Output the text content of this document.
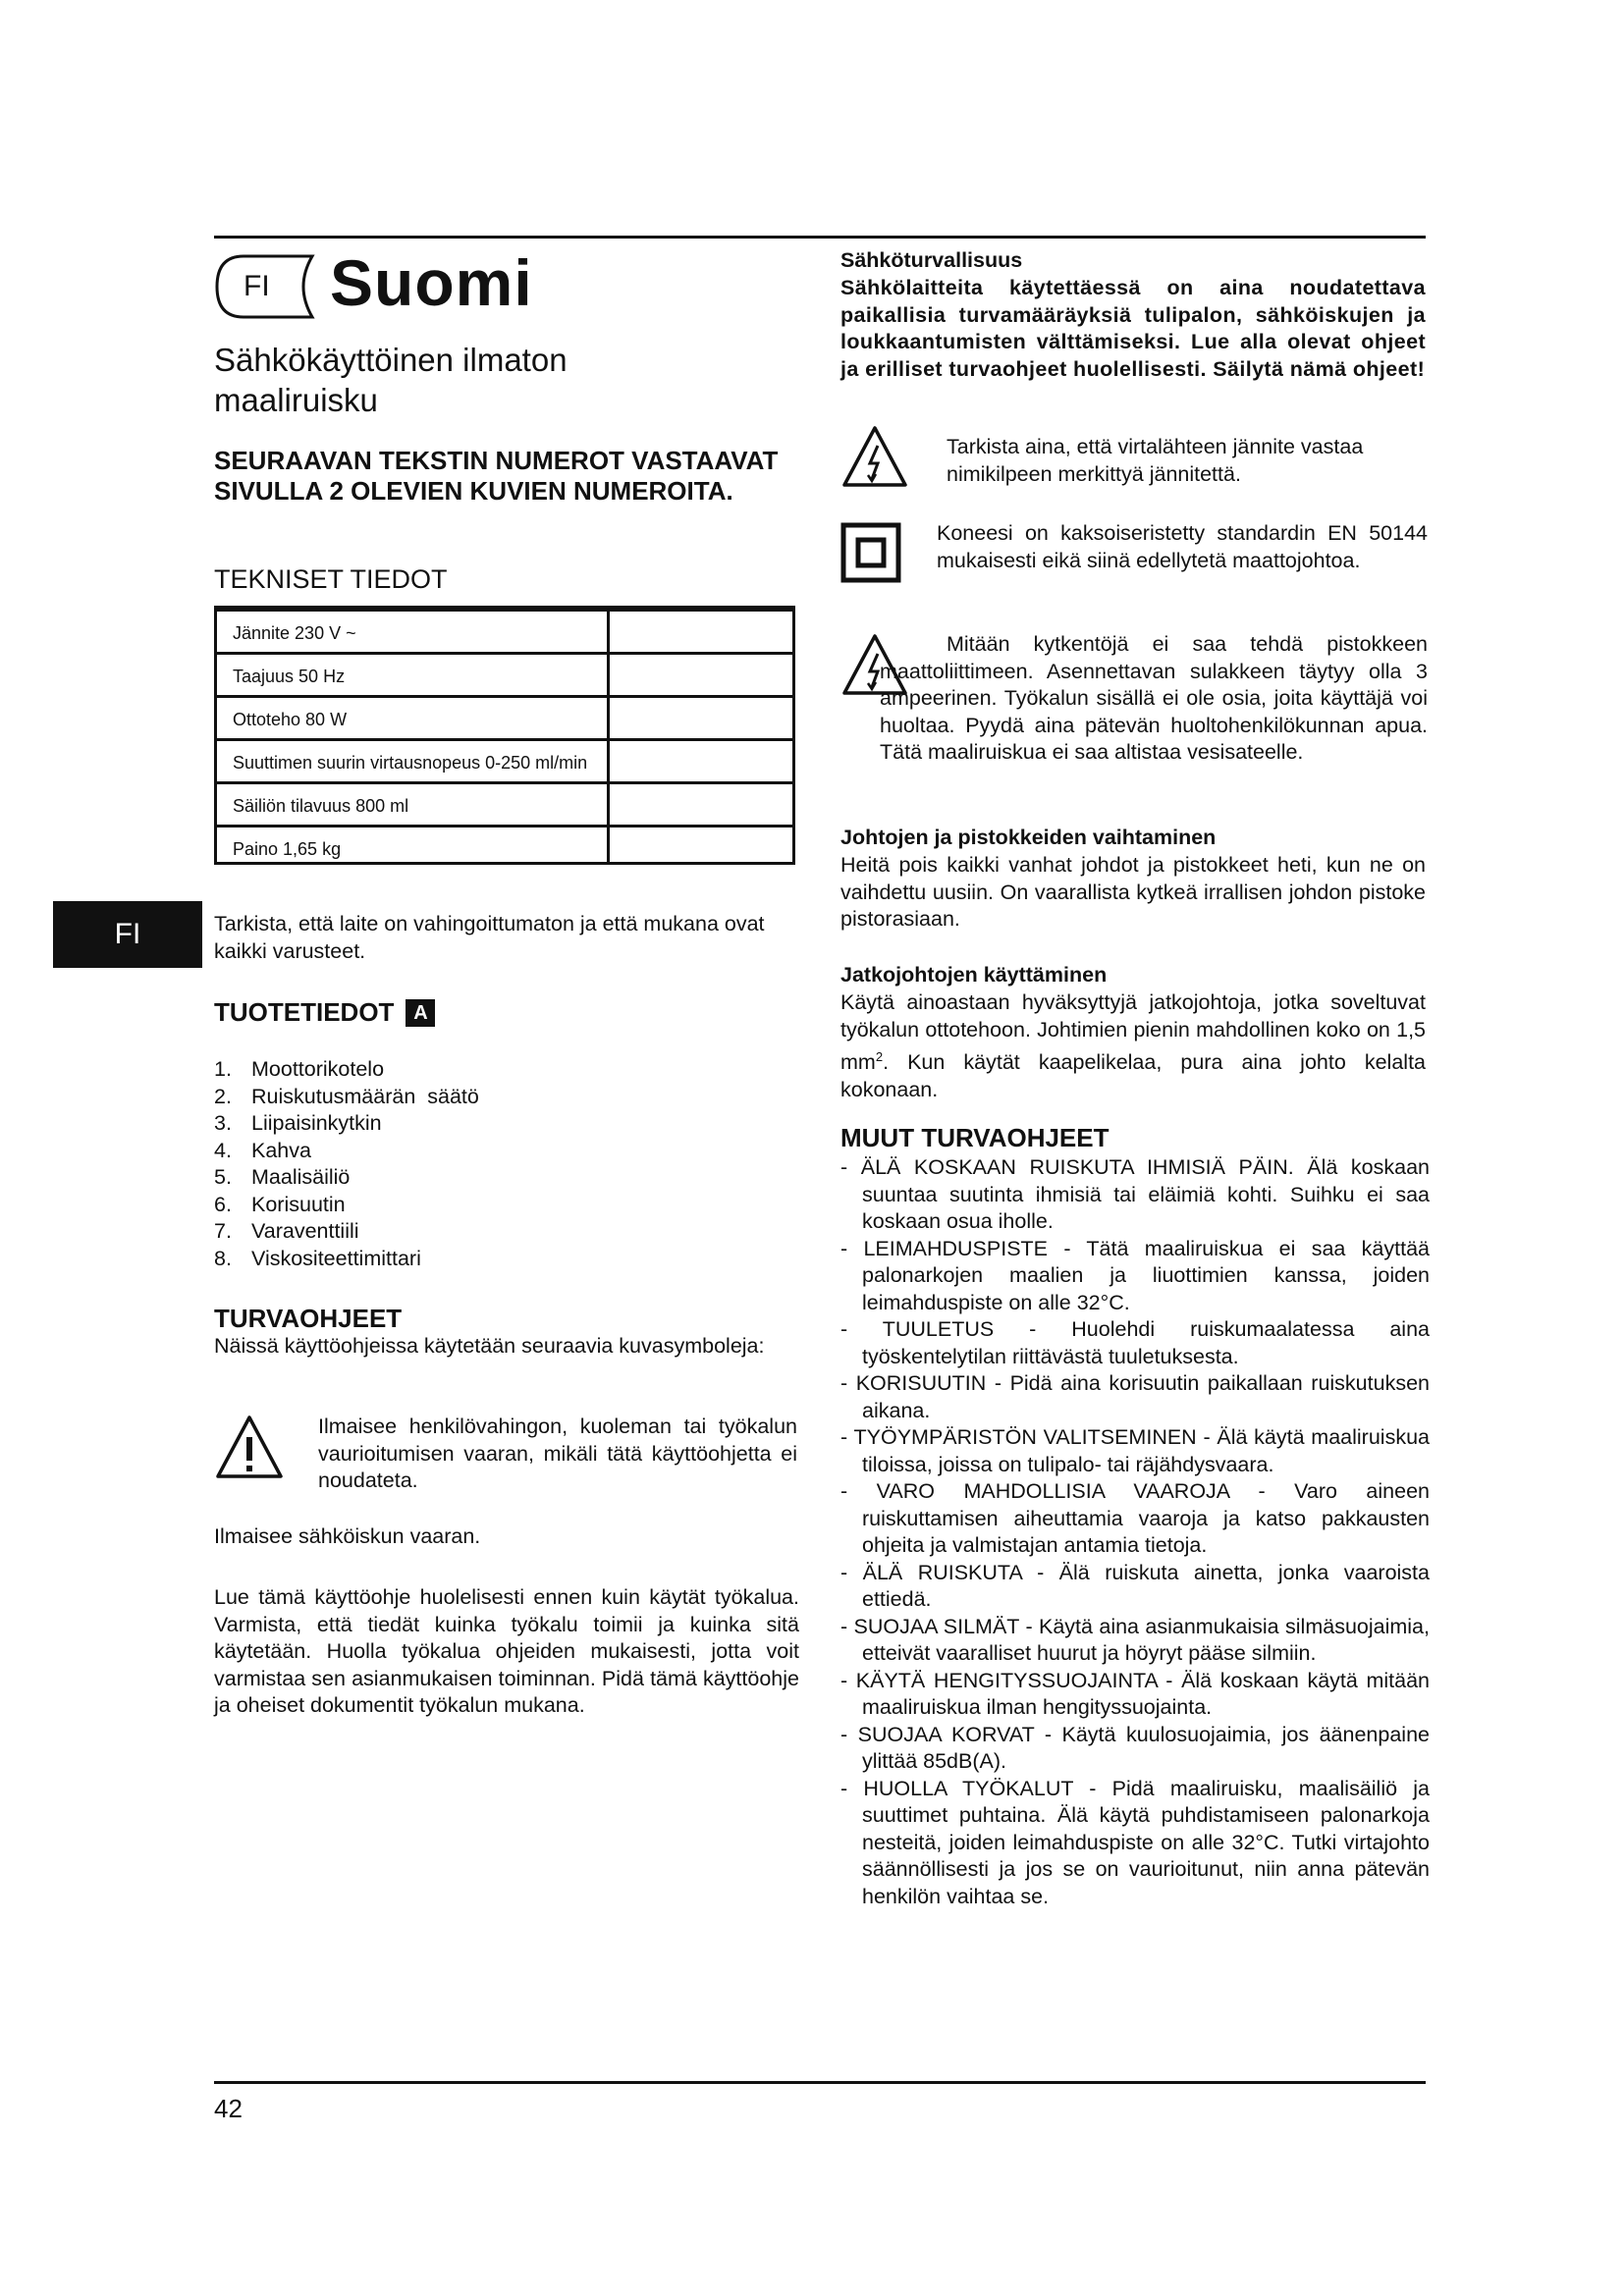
FI Suomi
Sähkökäyttöinen ilmaton maaliruisku
SEURAAVAN TEKSTIN NUMEROT VASTAAVAT SIVULLA 2 OLEVIEN KUVIEN NUMEROITA.
TEKNISET TIEDOT
Jännite 230 V ~
Taajuus 50 Hz
Ottoteho 80 W
Suuttimen suurin virtausnopeus 0-250 ml/min
Säiliön tilavuus 800 ml
Paino 1,65 kg
FI	Tarkista, että laite on vahingoittumaton ja että mukana ovat kaikki varusteet.
TUOTETIEDOT A
1. Moottorikotelo
2. Ruiskutusmäärän  säätö
3. Liipaisinkytkin
4. Kahva
5. Maalisäiliö
6. Korisuutin
7. Varaventtiili
8. Viskositeettimittari
TURVAOHJEET
Näissä käyttöohjeissa käytetään seuraavia kuvasymboleja:
Ilmaisee henkilövahingon, kuoleman tai työkalun vaurioitumisen vaaran, mikäli tätä käyttöohjetta ei noudateta.
Ilmaisee sähköiskun vaaran.
Lue tämä käyttöohje huolelisesti ennen kuin käytät työkalua. Varmista, että tiedät kuinka työkalu toimii ja kuinka sitä käytetään. Huolla työkalua ohjeiden mukaisesti, jotta voit varmistaa sen asianmukaisen toiminnan. Pidä tämä käyttöohje ja oheiset dokumentit työkalun mukana.
Sähköturvallisuus
Sähkölaitteita käytettäessä on aina noudatettava paikallisia turvamääräyksiä tulipalon, sähköiskujen ja loukkaantumisten välttämiseksi. Lue alla olevat ohjeet ja erilliset turvaohjeet huolellisesti. Säilytä nämä ohjeet!
Tarkista aina, että virtalähteen jännite vastaa nimikilpeen merkittyä jännitettä.
Koneesi on kaksoiseristetty standardin EN 50144 mukaisesti eikä siinä edellytetä maattojohtoa.
Mitään kytkentöjä ei saa tehdä pistokkeen maattoliittimeen. Asennettavan sulakkeen täytyy olla 3 ampeerinen. Työkalun sisällä ei ole osia, joita käyttäjä voi huoltaa. Pyydä aina pätevän huoltohenkilökunnan apua. Tätä maaliruiskua ei saa altistaa vesisateelle.
Johtojen ja pistokkeiden vaihtaminen
Heitä pois kaikki vanhat johdot ja pistokkeet heti, kun ne on vaihdettu uusiin. On vaarallista kytkeä irrallisen johdon pistoke pistorasiaan.
Jatkojohtojen käyttäminen
Käytä ainoastaan hyväksyttyjä jatkojohtoja, jotka soveltuvat työkalun ottotehoon. Johtimien pienin mahdollinen koko on 1,5 $mm^2$. Kun käytät kaapelikelaa, pura aina johto kelalta kokonaan.
MUUT TURVAOHJEET
- ÄLÄ KOSKAAN RUISKUTA IHMISIÄ PÄIN. Älä koskaan suuntaa suutinta ihmisiä tai eläimiä kohti. Suihku ei saa koskaan osua iholle.
- LEIMAHDUSPISTE - Tätä maaliruiskua ei saa käyttää palonarkojen maalien ja liuottimien kanssa, joiden leimahduspiste on alle 32°C.
- TUULETUS - Huolehdi ruiskumaalatessa aina työskentelytilan riittävästä tuuletuksesta.
- KORISUUTIN - Pidä aina korisuutin paikallaan ruiskutuksen aikana.
- TYÖYMPÄRISTÖN VALITSEMINEN - Älä käytä maaliruiskua tiloissa, joissa on tulipalo- tai räjähdysvaara.
- VARO MAHDOLLISIA VAAROJA - Varo aineen ruiskuttamisen aiheuttamia vaaroja ja katso pakkausten ohjeita ja valmistajan antamia tietoja.
- ÄLÄ RUISKUTA - Älä ruiskuta ainetta, jonka vaaroista ettiedä.
- SUOJAA SILMÄT - Käytä aina asianmukaisia silmäsuojaimia, etteivät vaaralliset huurut ja höyryt pääse silmiin.
- KÄYTÄ HENGITYSSUOJAINTA - Älä koskaan käytä mitään maaliruiskua ilman hengityssuojainta.
- SUOJAA KORVAT - Käytä kuulosuojaimia, jos äänenpaine ylittää 85dB(A).
- HUOLLA TYÖKALUT - Pidä maaliruisku, maalisäiliö ja suuttimet puhtaina. Älä käytä puhdistamiseen palonarkoja nesteitä, joiden leimahduspiste on alle 32°C. Tutki virtajohto säännöllisesti ja jos se on vaurioitunut, niin anna pätevän henkilön vaihtaa se.
42
